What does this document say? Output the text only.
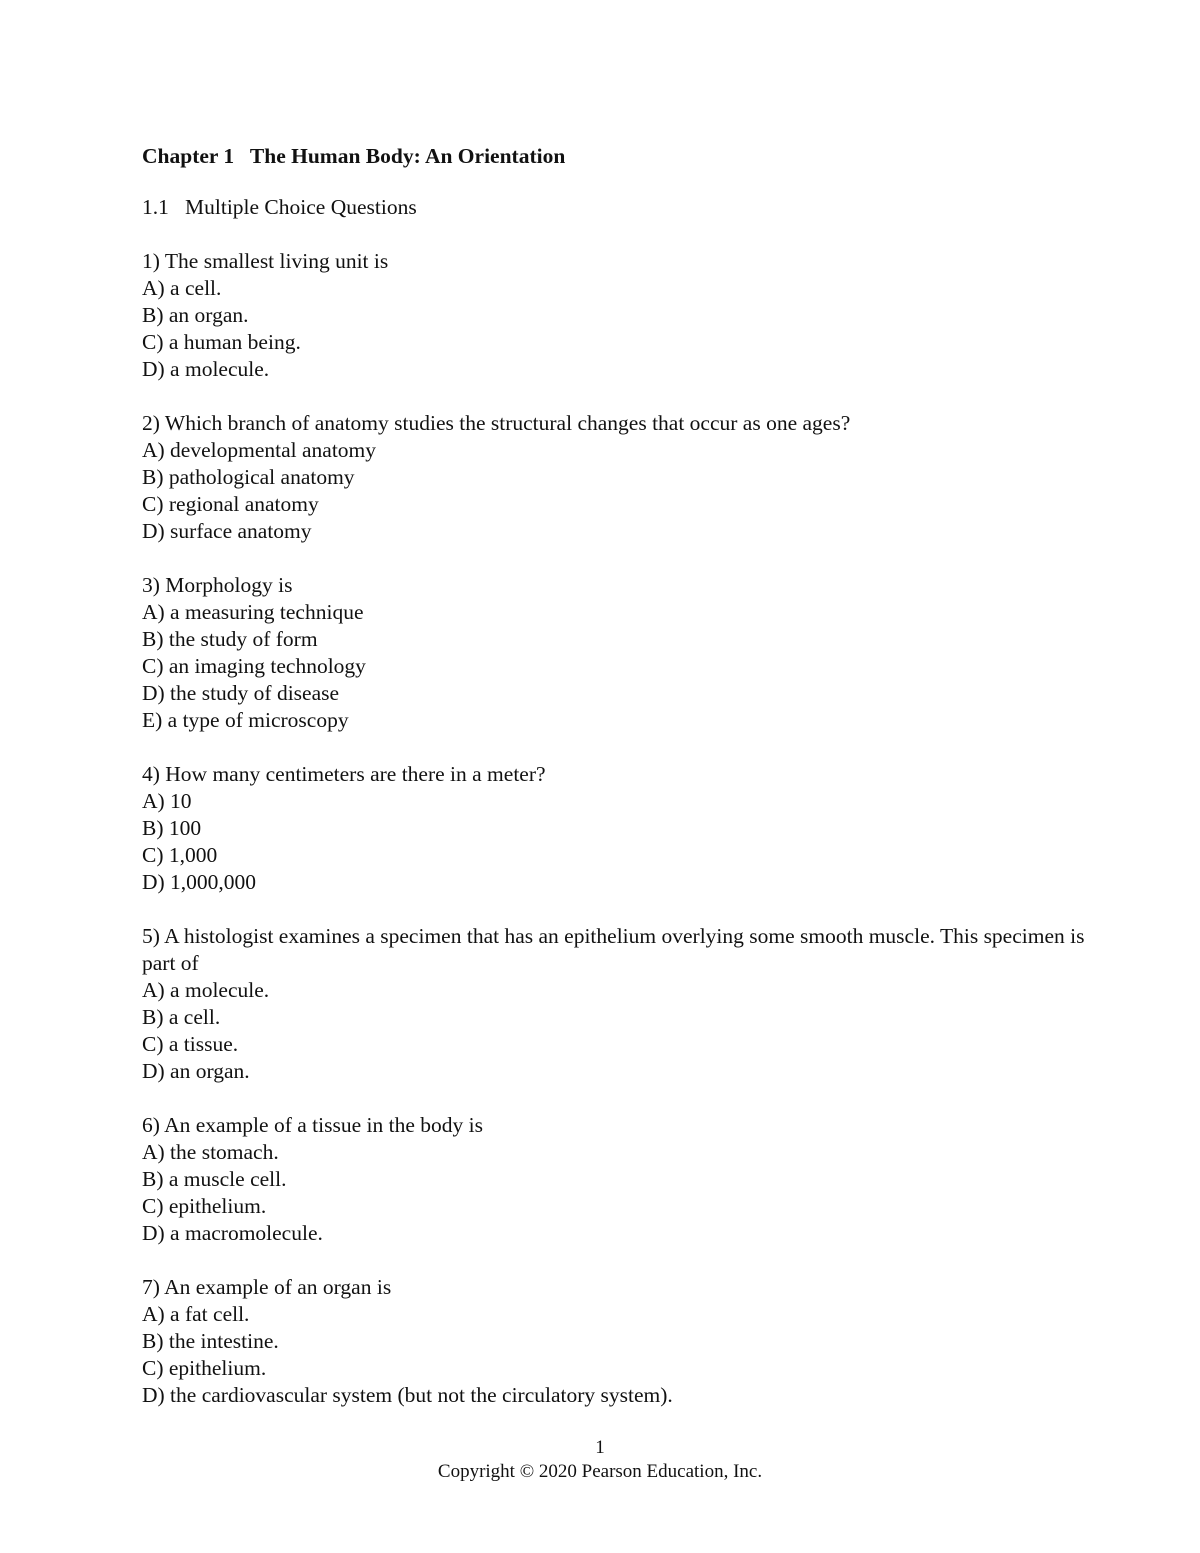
Chapter 1   The Human Body: An Orientation
1.1   Multiple Choice Questions
1) The smallest living unit is
A) a cell.
B) an organ.
C) a human being.
D) a molecule.
2) Which branch of anatomy studies the structural changes that occur as one ages?
A) developmental anatomy
B) pathological anatomy
C) regional anatomy
D) surface anatomy
3) Morphology is
A) a measuring technique
B) the study of form
C) an imaging technology
D) the study of disease
E) a type of microscopy
4) How many centimeters are there in a meter?
A) 10
B) 100
C) 1,000
D) 1,000,000
5) A histologist examines a specimen that has an epithelium overlying some smooth muscle. This specimen is part of
A) a molecule.
B) a cell.
C) a tissue.
D) an organ.
6) An example of a tissue in the body is
A) the stomach.
B) a muscle cell.
C) epithelium.
D) a macromolecule.
7) An example of an organ is
A) a fat cell.
B) the intestine.
C) epithelium.
D) the cardiovascular system (but not the circulatory system).
1
Copyright © 2020 Pearson Education, Inc.
